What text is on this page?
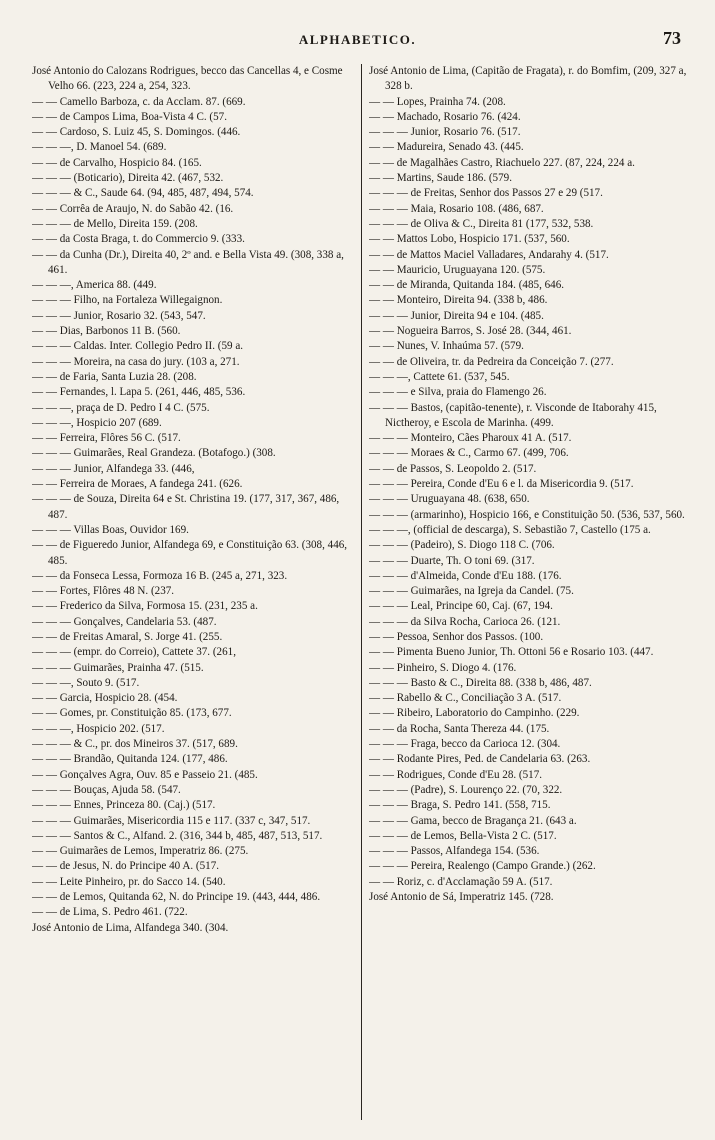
ALPHABETICO.	73

José Antonio do Calozans Rodrigues, becco das Cancellas 4, e Cosme Velho 66. (223, 224 a, 254, 323.

— — Camello Barboza, c. da Acclam. 87. (669.

— — de Campos Lima, Boa-Vista 4 C. (57.

— — Cardoso, S. Luiz 45, S. Domingos. (446.

— — —, D. Manoel 54. (689.

— — de Carvalho, Hospicio 84. (165.

— — — (Boticario), Direita 42. (467, 532.

— — — & C., Saude 64. (94, 485, 487, 494, 574.

— — Corrêa de Araujo, N. do Sabão 42. (16.

— — — de Mello, Direita 159. (208.

— — da Costa Braga, t. do Commercio 9. (333.

— — da Cunha (Dr.), Direita 40, 2º and. e Bella Vista 49. (308, 338 a, 461.

— — —, America 88. (449.

— — — Filho, na Fortaleza Willegaignon.

— — — Junior, Rosario 32. (543, 547.

— — Dias, Barbonos 11 B. (560.

— — — Caldas. Inter. Collegio Pedro II. (59 a.

— — — Moreira, na casa do jury. (103 a, 271.

— — de Faria, Santa Luzia 28. (208.

— — Fernandes, l. Lapa 5. (261, 446, 485, 536.

— — —, praça de D. Pedro I 4 C. (575.

— — —, Hospicio 207 (689.

— — Ferreira, Flôres 56 C. (517.

— — — Guimarães, Real Grandeza. (Botafogo.) (308.

— — — Junior, Alfandega 33. (446,

— — Ferreira de Moraes, A fandega 241. (626.

— — — de Souza, Direita 64 e St. Christina 19. (177, 317, 367, 486, 487.

— — — Villas Boas, Ouvidor 169.

— — de Figueredo Junior, Alfandega 69, e Constituição 63. (308, 446, 485.

— — da Fonseca Lessa, Formoza 16 B. (245 a, 271, 323.

— — Fortes, Flôres 48 N. (237.

— — Frederico da Silva, Formosa 15. (231, 235 a.

— — — Gonçalves, Candelaria 53. (487.

— — de Freitas Amaral, S. Jorge 41. (255.

— — — (empr. do Correio), Cattete 37. (261,

— — — Guimarães, Prainha 47. (515.

— — —, Souto 9. (517.

— — Garcia, Hospicio 28. (454.

— — Gomes, pr. Constituição 85. (173, 677.

— — —, Hospicio 202. (517.

— — — & C., pr. dos Mineiros 37. (517, 689.

— — — Brandão, Quitanda 124. (177, 486.

— — Gonçalves Agra, Ouv. 85 e Passeio 21. (485.

— — — Bouças, Ajuda 58. (547.

— — — Ennes, Princeza 80. (Caj.) (517.

— — — Guimarães, Misericordia 115 e 117. (337 c, 347, 517.

— — — Santos & C., Alfand. 2. (316, 344 b, 485, 487, 513, 517.

— — Guimarães de Lemos, Imperatriz 86. (275.

— — de Jesus, N. do Principe 40 A. (517.

— — Leite Pinheiro, pr. do Sacco 14. (540.

— — de Lemos, Quitanda 62, N. do Principe 19. (443, 444, 486.

— — de Lima, S. Pedro 461. (722.

José Antonio de Lima, Alfandega 340. (304.

José Antonio de Lima, (Capitão de Fragata), r. do Bomfim, (209, 327 a, 328 b.

— — Lopes, Prainha 74. (208.

— — Machado, Rosario 76. (424.

— — — Junior, Rosario 76. (517.

— — Madureira, Senado 43. (445.

— — de Magalhães Castro, Riachuelo 227. (87, 224, 224 a.

— — Martins, Saude 186. (579.

— — — de Freitas, Senhor dos Passos 27 e 29 (517.

— — — Maia, Rosario 108. (486, 687.

— — — de Oliva & C., Direita 81 (177, 532, 538.

— — Mattos Lobo, Hospicio 171. (537, 560.

— — de Mattos Maciel Valladares, Andarahy 4. (517.

— — Mauricio, Uruguayana 120. (575.

— — de Miranda, Quitanda 184. (485, 646.

— — Monteiro, Direita 94. (338 b, 486.

— — — Junior, Direita 94 e 104. (485.

— — Nogueira Barros, S. José 28. (344, 461.

— — Nunes, V. Inhaúma 57. (579.

— — de Oliveira, tr. da Pedreira da Conceição 7. (277.

— — —, Cattete 61. (537, 545.

— — — e Silva, praia do Flamengo 26.

— — — Bastos, (capitão-tenente), r. Visconde de Itaborahy 415, Nictheroy, e Escola de Marinha. (499.

— — — Monteiro, Cães Pharoux 41 A. (517.

— — — Moraes & C., Carmo 67. (499, 706.

— — de Passos, S. Leopoldo 2. (517.

— — — Pereira, Conde d'Eu 6 e l. da Misericordia 9. (517.

— — — Uruguayana 48. (638, 650.

— — — (armarinho), Hospicio 166, e Constituição 50. (536, 537, 560.

— — —, (official de descarga), S. Sebastião 7, Castello (175 a.

— — — (Padeiro), S. Diogo 118 C. (706.

— — — Duarte, Th. O toni 69. (317.

— — — d'Almeida, Conde d'Eu 188. (176.

— — — Guimarães, na Igreja da Candel. (75.

— — — Leal, Principe 60, Caj. (67, 194.

— — — da Silva Rocha, Carioca 26. (121.

— — Pessoa, Senhor dos Passos. (100.

— — Pimenta Bueno Junior, Th. Ottoni 56 e Rosario 103. (447.

— — Pinheiro, S. Diogo 4. (176.

— — — Basto & C., Direita 88. (338 b, 486, 487.

— — Rabello & C., Conciliação 3 A. (517.

— — Ribeiro, Laboratorio do Campinho. (229.

— — da Rocha, Santa Thereza 44. (175.

— — — Fraga, becco da Carioca 12. (304.

— — Rodante Pires, Ped. de Candelaria 63. (263.

— — Rodrigues, Conde d'Eu 28. (517.

— — — (Padre), S. Lourenço 22. (70, 322.

— — — Braga, S. Pedro 141. (558, 715.

— — — Gama, becco de Bragança 21. (643 a.

— — — de Lemos, Bella-Vista 2 C. (517.

— — — Passos, Alfandega 154. (536.

— — — Pereira, Realengo (Campo Grande.) (262.

— — Roriz, c. d'Acclamação 59 A. (517.

José Antonio de Sá, Imperatriz 145. (728.
